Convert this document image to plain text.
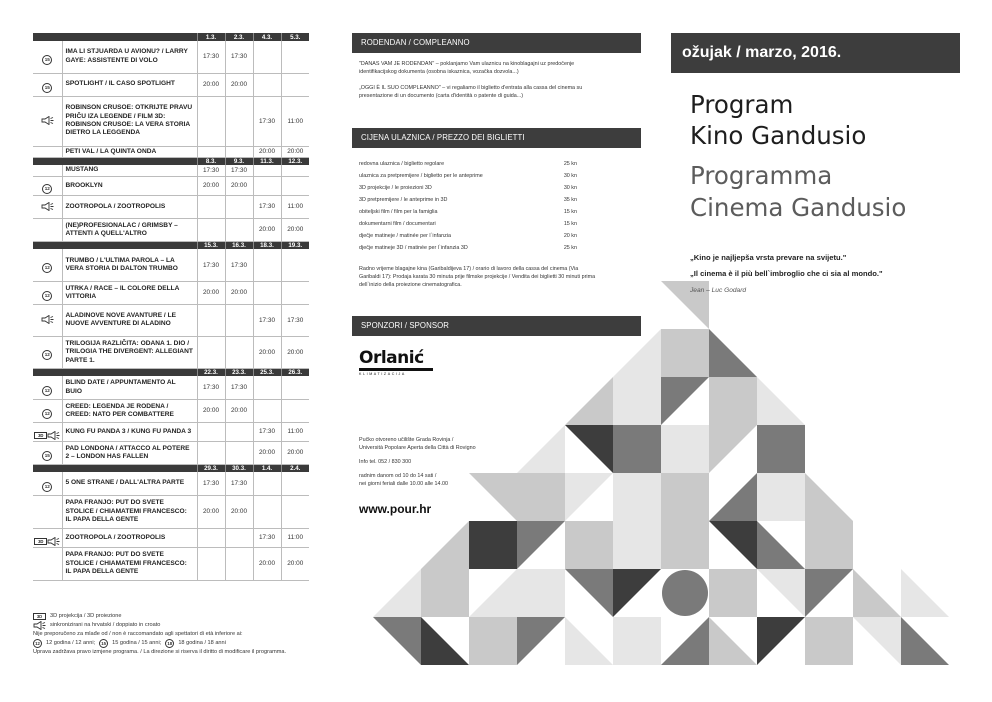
		1.3.	2.3.	4.3.	5.3.
15	IMA LI STJUARDA U AVIONU? / LARRY GAYE: ASSISTENTE DI VOLO	17:30	17:30		
15	SPOTLIGHT / IL CASO SPOTLIGHT	20:00	20:00		

	ROBINSON CRUSOE: OTKRIJTE PRAVU PRIČU IZA LEGENDE / FILM 3D: ROBINSON CRUSOE: LA VERA STORIA DIETRO LA LEGGENDA			17:30	11:00
	PETI VAL / LA QUINTA ONDA			20:00	20:00
		8.3.	9.3.	11.3.	12.3.
	MUSTANG	17:30	17:30		
12	BROOKLYN	20:00	20:00		

	ZOOTROPOLA / ZOOTROPOLIS			17:30	11:00
	(NE)PROFESIONALAC / GRIMSBY – ATTENTI A QUELL'ALTRO			20:00	20:00
		15.3.	16.3.	18.3.	19.3.
12	TRUMBO / L'ULTIMA PAROLA – LA VERA STORIA DI DALTON TRUMBO	17:30	17:30		
12	UTRKA / RACE – IL COLORE DELLA VITTORIA	20:00	20:00		

	ALADINOVE NOVE AVANTURE / LE NUOVE AVVENTURE DI ALADINO			17:30	17:30
12	TRILOGIJA RAZLIČITA: ODANA 1. DIO / TRILOGIA THE DIVERGENT: ALLEGIANT PARTE 1.			20:00	20:00
		22.3.	23.3.	25.3.	26.3.
12	BLIND DATE / APPUNTAMENTO AL BUIO	17:30	17:30		
12	CREED: LEGENDA JE RODENA / CREED: NATO PER COMBATTERE	20:00	20:00		
3D	KUNG FU PANDA 3 / KUNG FU PANDA 3			17:30	11:00
15	PAD LONDONA / ATTACCO AL POTERE 2 – LONDON HAS FALLEN			20:00	20:00
		29.3.	30.3.	1.4.	2.4.
12	5 ONE STRANE / DALL'ALTRA PARTE	17:30	17:30		
	PAPA FRANJO: PUT DO SVETE STOLICE / CHIAMATEMI FRANCESCO: IL PAPA DELLA GENTE	20:00	20:00		
3D	ZOOTROPOLA / ZOOTROPOLIS			17:30	11:00
	PAPA FRANJO: PUT DO SVETE STOLICE / CHIAMATEMI FRANCESCO: IL PAPA DELLA GENTE			20:00	20:00
3D	3D projekcija / 3D proiezione
sinkronizirani na hrvatski / doppiato in croato
Nije preporučeno za mlađe od / non è raccomandato agli spettatori di età inferiore ai:
12	12 godina / 12 anni;	15	15 godina / 15 anni;	18	18 godina / 18 anni
Uprava zadržava pravo izmjene programa. / La direzione si riserva il diritto di modificare il programma.
RODENDAN / COMPLEANNO
"DANAS VAM JE RODENDAN" – poklanjamo Vam ulaznicu na kinoblagajni uz predočenje identifikacijskog dokumenta (osobna iskaznica, vozačka dozvola...)
„OGGI È IL SUO COMPLEANNO" – vi regaliamo il biglietto d'entrata alla cassa del cinema su presentazione di un documento (carta d'identità o patente di guida...)
CIJENA ULAZNICA / PREZZO DEI BIGLIETTI
redovna ulaznica / biglietto regolare	25 kn
ulaznica za pretpremijere / biglietto per le anteprime	30 kn
3D projekcije / le proiezioni 3D	30 kn
3D pretpremijere / le anteprime in 3D	35 kn
obiteljski film / film per la famiglia	15 kn
dokumentarni film / documentari	15 kn
dječje matineje / matinée per l`infanzia	20 kn
dječje matineje 3D / matinée per l`infanzia 3D	25 kn
Radno vrijeme blagajne kina (Garibaldijeva 17) / orario di lavoro della cassa del cinema (Via Garibaldi 17): Prodaja karata 30 minuta prije filmske projekcije / Vendita dei biglietti 30 minuti prima dell`inizio della proiezione cinematografica.
SPONZORI / SPONSOR
Orlanić
KLIMATIZACIJA
Pučko otvoreno učilište Grada Rovinja /
Università Popolare Aperta della Città di Rovigno
Info tel. 052 / 830 300
radnim danom od 10 do 14 sati /
nei giorni feriali dalle 10.00 alle 14.00
www.pour.hr
ožujak / marzo, 2016.
Program
Kino Gandusio
Programma
Cinema Gandusio
„Kino je najljepša vrsta prevare na svijetu."
„Il cinema è il più bell`imbroglio che ci sia al mondo."
Jean – Luc Godard
